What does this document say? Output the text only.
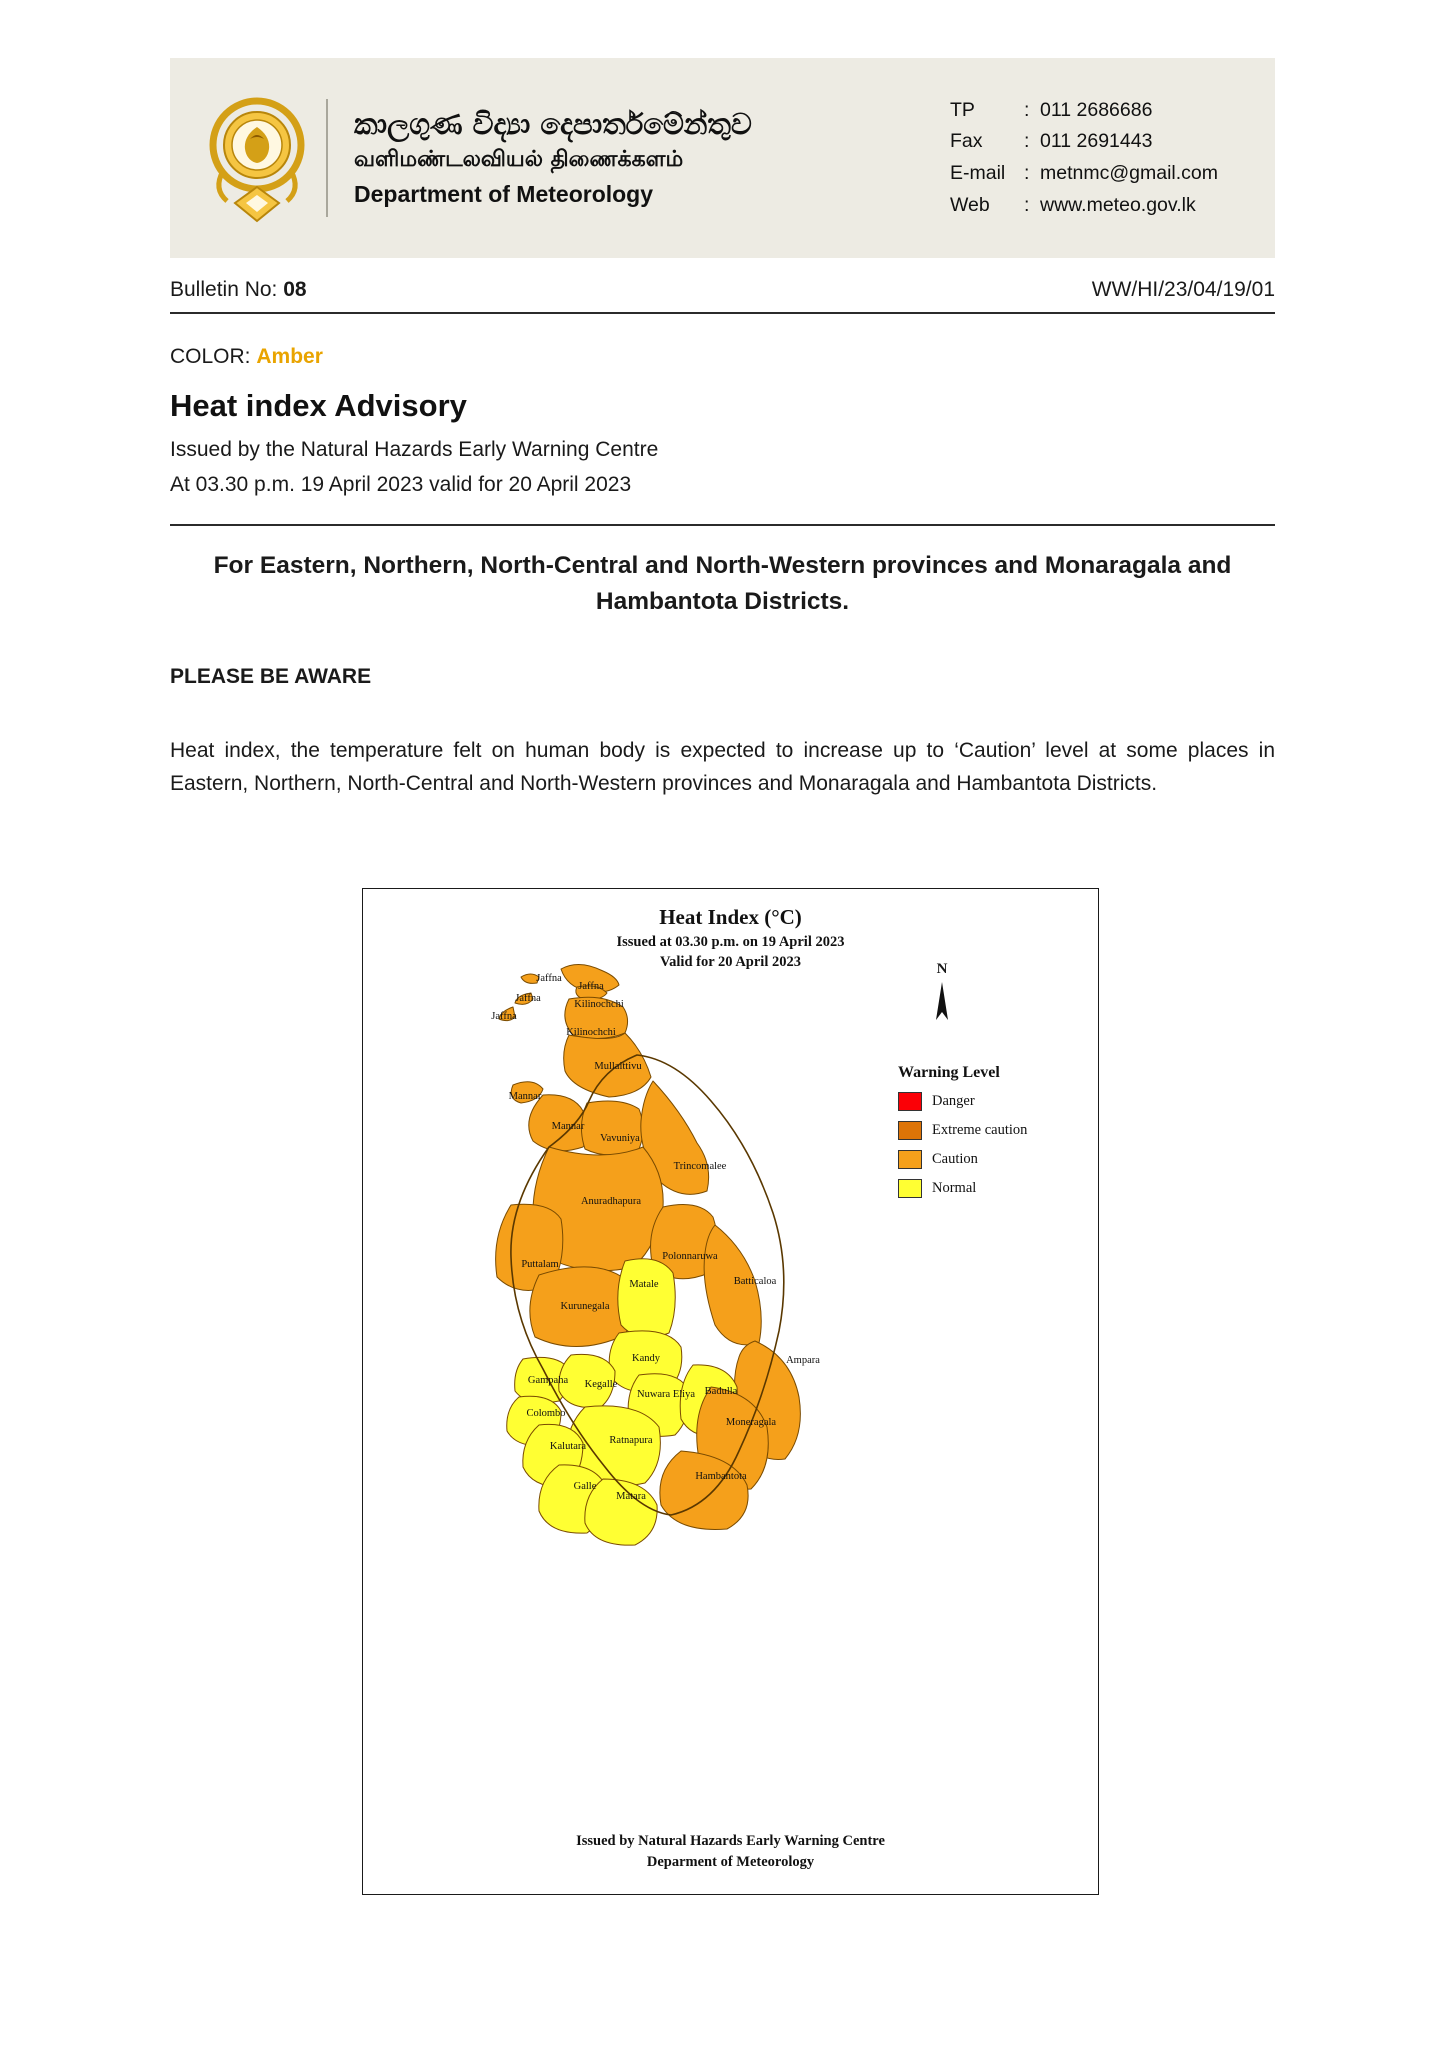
කාලගුණ විද්‍යා දෙපාර්තමේන්තුව
வளிமண்டலவியல் திணைக்களம்
Department of Meteorology
TP	: 011 2686686
Fax	: 011 2691443
E-mail : metnmc@gmail.com
Web	: www.meteo.gov.lk
Bulletin No: 08	WW/HI/23/04/19/01
COLOR: Amber
Heat index Advisory
Issued by the Natural Hazards Early Warning Centre
At 03.30 p.m. 19 April 2023 valid for 20 April 2023
For Eastern, Northern, North-Central and North-Western provinces and Monaragala and Hambantota Districts.
PLEASE BE AWARE
Heat index, the temperature felt on human body is expected to increase up to ‘Caution’ level at some places in Eastern, Northern, North-Central and North-Western provinces and Monaragala and Hambantota Districts.
Heat Index (°C)
Issued at 03.30 p.m. on 19 April 2023
Valid for 20 April 2023	N
Warning Level
Danger
Extreme caution
Caution
Normal
Jaffna
Jaffna
Jaffna
Jaffna
Kilinochchi
Kilinochchi
Mullaittivu
Mannar
Mannar
Vavuniya
Trincomalee
Anuradhapura
Polonnaruwa
Puttalam
Batticaloa
Matale
Kurunegala
Kandy	Ampara
Gampaha Kegalle
Nuwara Eliya Badulla
Colombo
Moneragala
Ratnapura
Kalutara
Hambantota
Galle
Matara
Issued by Natural Hazards Early Warning Centre
Deparment of Meteorology
